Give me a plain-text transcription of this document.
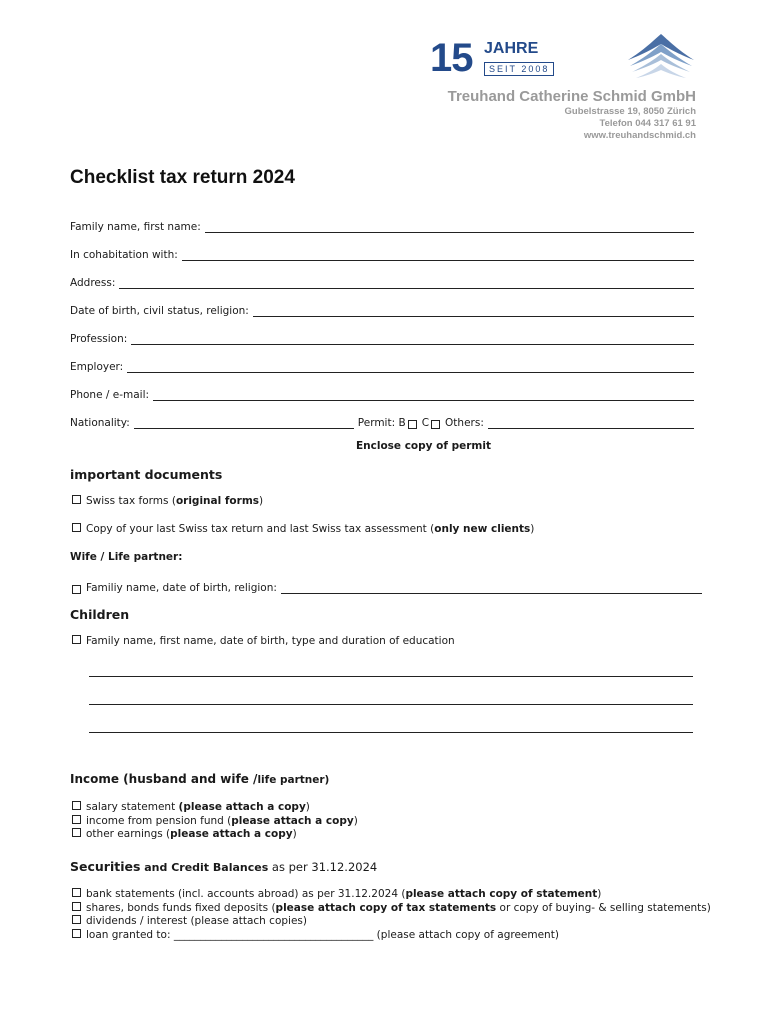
15 JAHRE
SEIT 2008
Treuhand Catherine Schmid GmbH
Gubelstrasse 19, 8050 Zürich
Telefon 044 317 61 91
www.treuhandschmid.ch
Checklist tax return 2024
Family name, first name:
In cohabitation with:
Address:
Date of birth, civil status, religion:
Profession:
Employer:
Phone / e-mail:
Nationality:	Permit: B C Others:
Enclose copy of permit
important documents
Swiss tax forms (original forms)
Copy of your last Swiss tax return and last Swiss tax assessment (only new clients)
Wife / Life partner:
Familiy name, date of birth, religion:
Children
Family name, first name, date of birth, type and duration of education
Income (husband and wife /life partner)
salary statement (please attach a copy)
income from pension fund (please attach a copy)
other earnings (please attach a copy)
Securities and Credit Balances as per 31.12.2024
bank statements (incl. accounts abroad) as per 31.12.2024 (please attach copy of statement)
shares, bonds funds fixed deposits (please attach copy of tax statements or copy of buying- & selling statements)
dividends / interest (please attach copies)
loan granted to: ______________________________________ (please attach copy of agreement)
